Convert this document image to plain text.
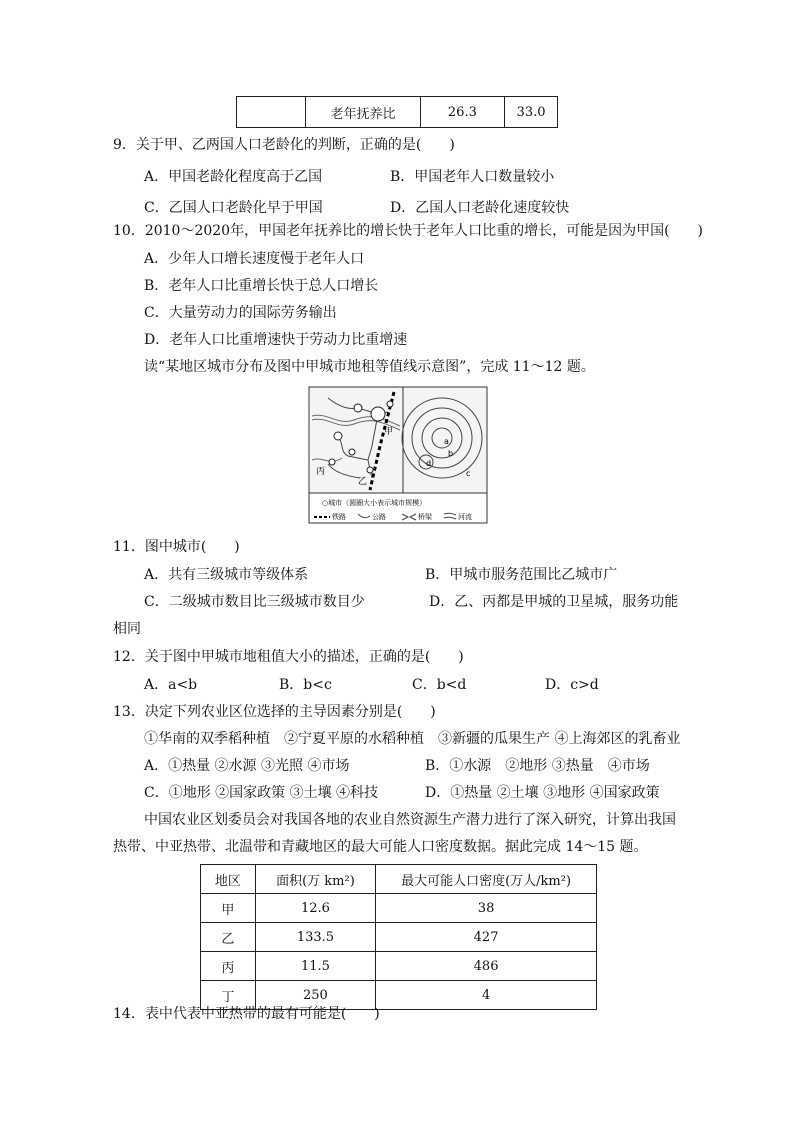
	老年抚养比	26.3	33.0
9．关于甲、乙两国人口老龄化的判断，正确的是(　　)
A．甲国老龄化程度高于乙国	B．甲国老年人口数量较小
C．乙国人口老龄化早于甲国	D．乙国人口老龄化速度较快
10．2010～2020年，甲国老年抚养比的增长快于老年人口比重的增长，可能是因为甲国(　　)
A．少年人口增长速度慢于老年人口
B．老年人口比重增长快于总人口增长
C．大量劳动力的国际劳务输出
D．老年人口比重增速快于劳动力比重增速
读“某地区城市分布及图中甲城市地租等值线示意图”，完成 11～12 题。
甲
乙
丙
a
b
c
d
○城市（圆圈大小表示城市规模）
铁路	公路	桥梁	河流
11．图中城市(　　)
A．共有三级城市等级体系	B．甲城市服务范围比乙城市广
C．二级城市数目比三级城市数目少	D．乙、丙都是甲城的卫星城，服务功能
相同
12．关于图中甲城市地租值大小的描述，正确的是(　　)
A．a<b	B．b<c	C．b<d	D．c>d
13．决定下列农业区位选择的主导因素分别是(　　)
①华南的双季稻种植　②宁夏平原的水稻种植　③新疆的瓜果生产 ④上海郊区的乳畜业
A．①热量 ②水源 ③光照 ④市场	B．①水源　②地形 ③热量　④市场
C．①地形 ②国家政策 ③土壤 ④科技	D．①热量 ②土壤 ③地形 ④国家政策
中国农业区划委员会对我国各地的农业自然资源生产潜力进行了深入研究，计算出我国
热带、中亚热带、北温带和青藏地区的最大可能人口密度数据。据此完成 14～15 题。
地区	面积(万 km²)	最大可能人口密度(万人/km²)
甲	12.6	38
乙	133.5	427
丙	11.5	486
丁	250	4
14．表中代表中亚热带的最有可能是(　　)
